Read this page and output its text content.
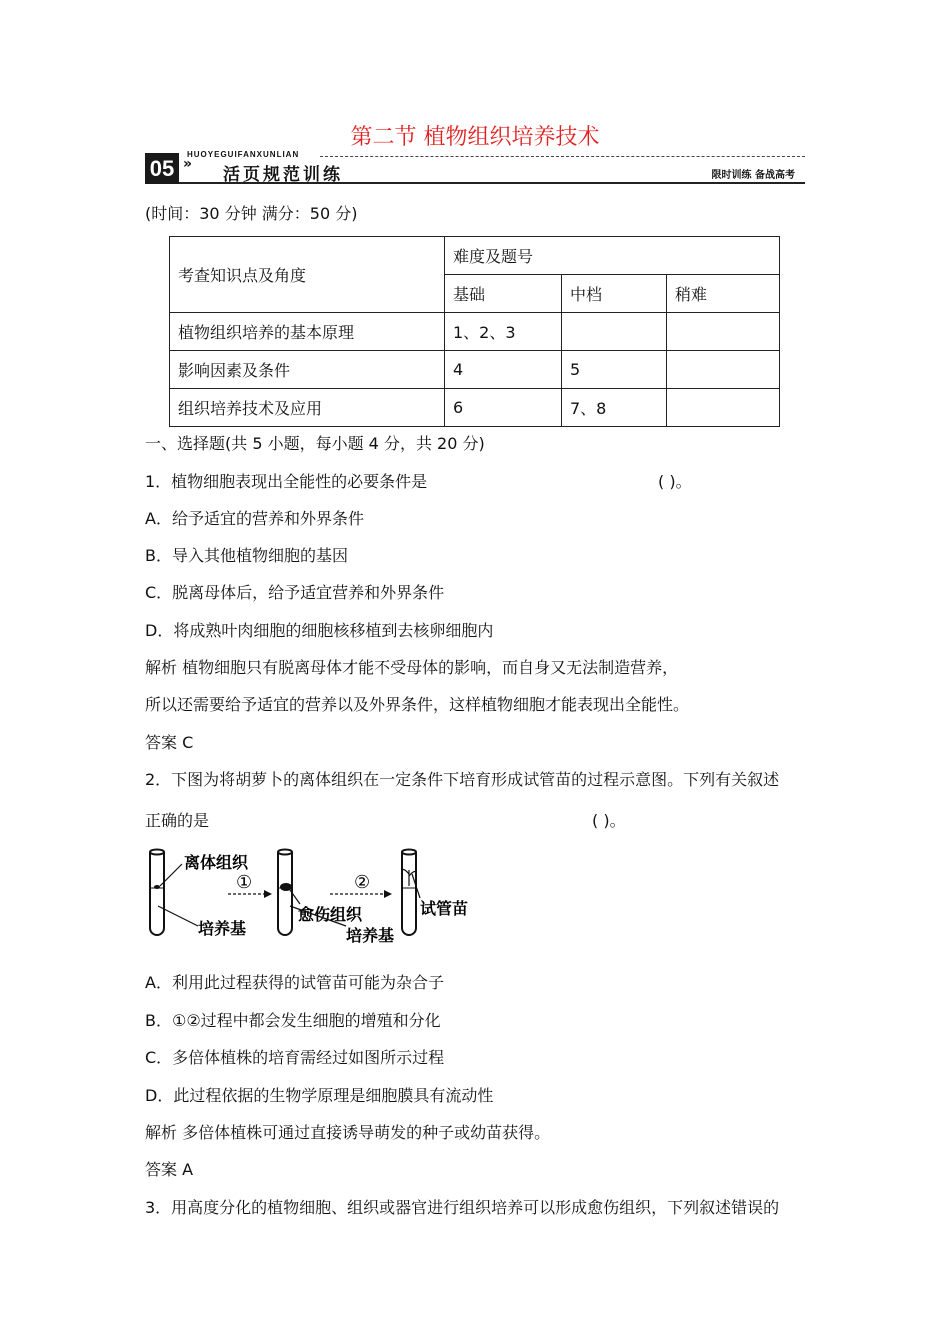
第二节 植物组织培养技术
HUOYEGUIFANXUNLIAN
05 »
活页规范训练	限时训练 备战高考
(时间：30 分钟 满分：50 分)
考查知识点及角度	难度及题号		
	基础	中档	稍难
植物组织培养的基本原理	1、2、3		
影响因素及条件	4	5	
组织培养技术及应用	6	7、8	
一、选择题(共 5 小题，每小题 4 分，共 20 分)
1．植物细胞表现出全能性的必要条件是	( )。
A．给予适宜的营养和外界条件
B．导入其他植物细胞的基因
C．脱离母体后，给予适宜营养和外界条件
D．将成熟叶肉细胞的细胞核移植到去核卵细胞内
解析 植物细胞只有脱离母体才能不受母体的影响，而自身又无法制造营养，
所以还需要给予适宜的营养以及外界条件，这样植物细胞才能表现出全能性。
答案 C
2．下图为将胡萝卜的离体组织在一定条件下培育形成试管苗的过程示意图。下列有关叙述
正确的是	( )。
离体组织
培养基
①
愈伤组织
培养基
②
试管苗
A．利用此过程获得的试管苗可能为杂合子
B．①②过程中都会发生细胞的增殖和分化
C．多倍体植株的培育需经过如图所示过程
D．此过程依据的生物学原理是细胞膜具有流动性
解析 多倍体植株可通过直接诱导萌发的种子或幼苗获得。
答案 A
3．用高度分化的植物细胞、组织或器官进行组织培养可以形成愈伤组织，下列叙述错误的
